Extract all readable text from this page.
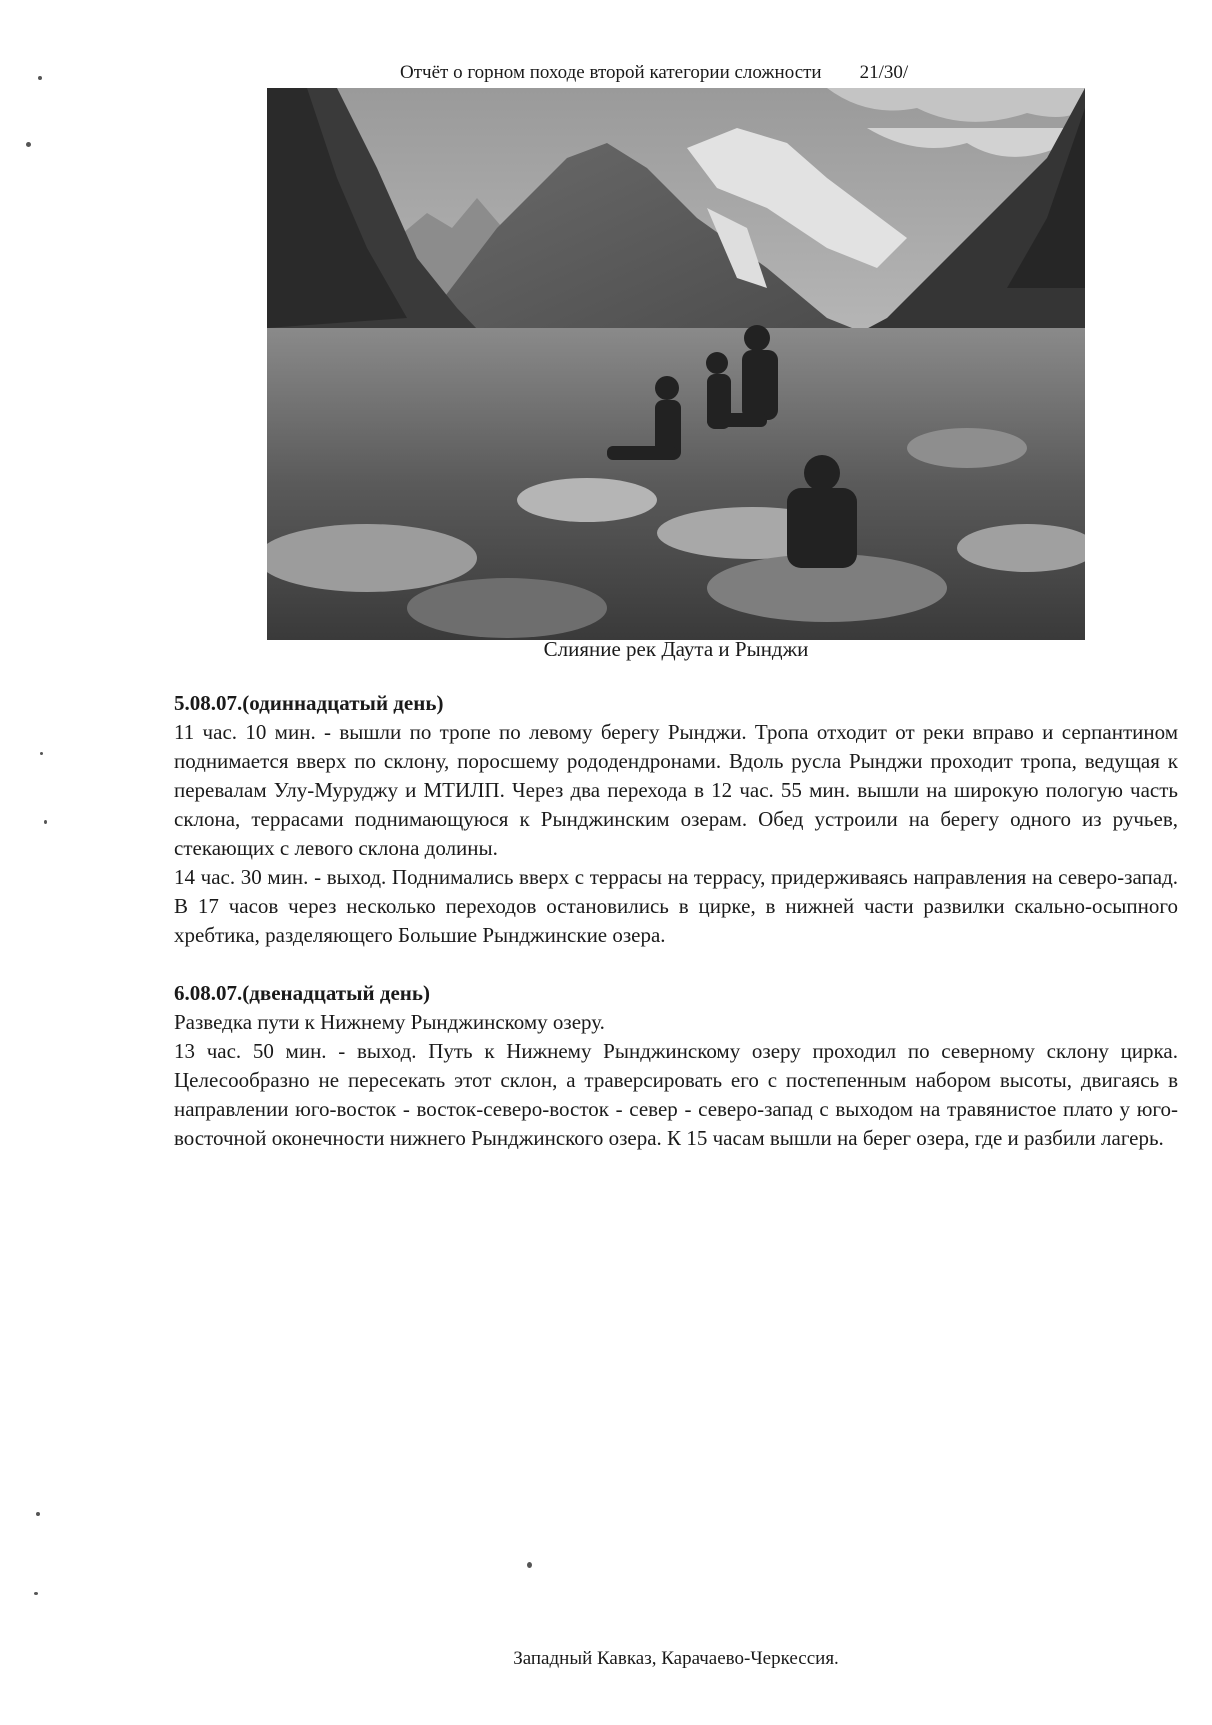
Отчёт о горном походе второй категории сложности 21/30/
Слияние рек Даута и Рынджи

5.08.07.(одиннадцатый день)

11 час. 10 мин. - вышли по тропе по левому берегу Рынджи. Тропа отходит от реки вправо и серпантином поднимается вверх по склону, поросшему рододендронами. Вдоль русла Рынджи проходит тропа, ведущая к перевалам Улу-Муруджу и МТИЛП. Через два перехода в 12 час. 55 мин. вышли на широкую пологую часть склона, террасами поднимающуюся к Рынджинским озерам. Обед устроили на берегу одного из ручьев, стекающих с левого склона долины.

14 час. 30 мин. - выход. Поднимались вверх с террасы на террасу, придерживаясь направления на северо-запад. В 17 часов через несколько переходов остановились в цирке, в нижней части развилки скально-осыпного хребтика, разделяющего Большие Рынджинские озера.

6.08.07.(двенадцатый день)

Разведка пути к Нижнему Рынджинскому озеру.

13 час. 50 мин. - выход. Путь к Нижнему Рынджинскому озеру проходил по северному склону цирка. Целесообразно не пересекать этот склон, а траверсировать его с постепенным набором высоты, двигаясь в направлении юго-восток - восток-северо-восток - север - северо-запад с выходом на травянистое плато у юго-восточной оконечности нижнего Рынджинского озера. К 15 часам вышли на берег озера, где и разбили лагерь.

Западный Кавказ, Карачаево-Черкессия.
